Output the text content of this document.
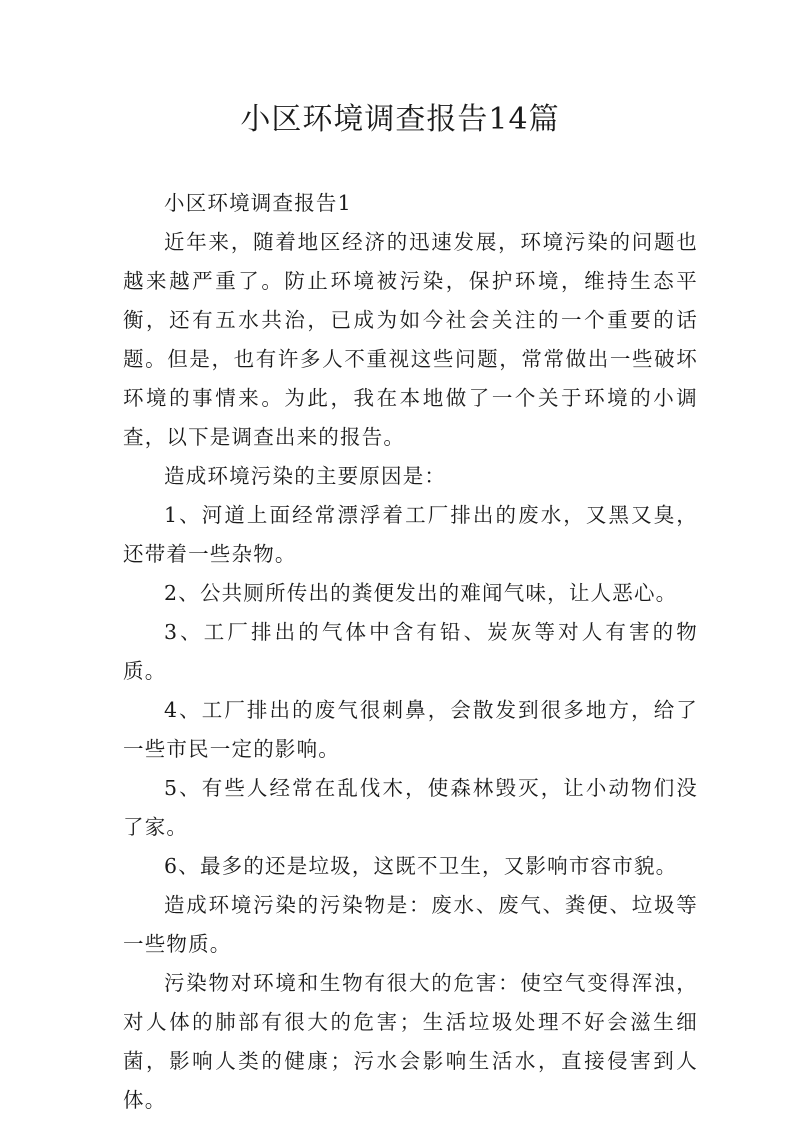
小区环境调查报告14篇

小区环境调查报告1

近年来，随着地区经济的迅速发展，环境污染的问题也越来越严重了。防止环境被污染，保护环境，维持生态平衡，还有五水共治，已成为如今社会关注的一个重要的话题。但是，也有许多人不重视这些问题，常常做出一些破坏环境的事情来。为此，我在本地做了一个关于环境的小调查，以下是调查出来的报告。

造成环境污染的主要原因是：

1、河道上面经常漂浮着工厂排出的废水，又黑又臭，还带着一些杂物。

2、公共厕所传出的粪便发出的难闻气味，让人恶心。

3、工厂排出的气体中含有铅、炭灰等对人有害的物质。

4、工厂排出的废气很刺鼻，会散发到很多地方，给了一些市民一定的影响。

5、有些人经常在乱伐木，使森林毁灭，让小动物们没了家。

6、最多的还是垃圾，这既不卫生，又影响市容市貌。

造成环境污染的污染物是：废水、废气、粪便、垃圾等一些物质。

污染物对环境和生物有很大的危害：使空气变得浑浊，对人体的肺部有很大的危害；生活垃圾处理不好会滋生细菌，影响人类的健康；污水会影响生活水，直接侵害到人体。
